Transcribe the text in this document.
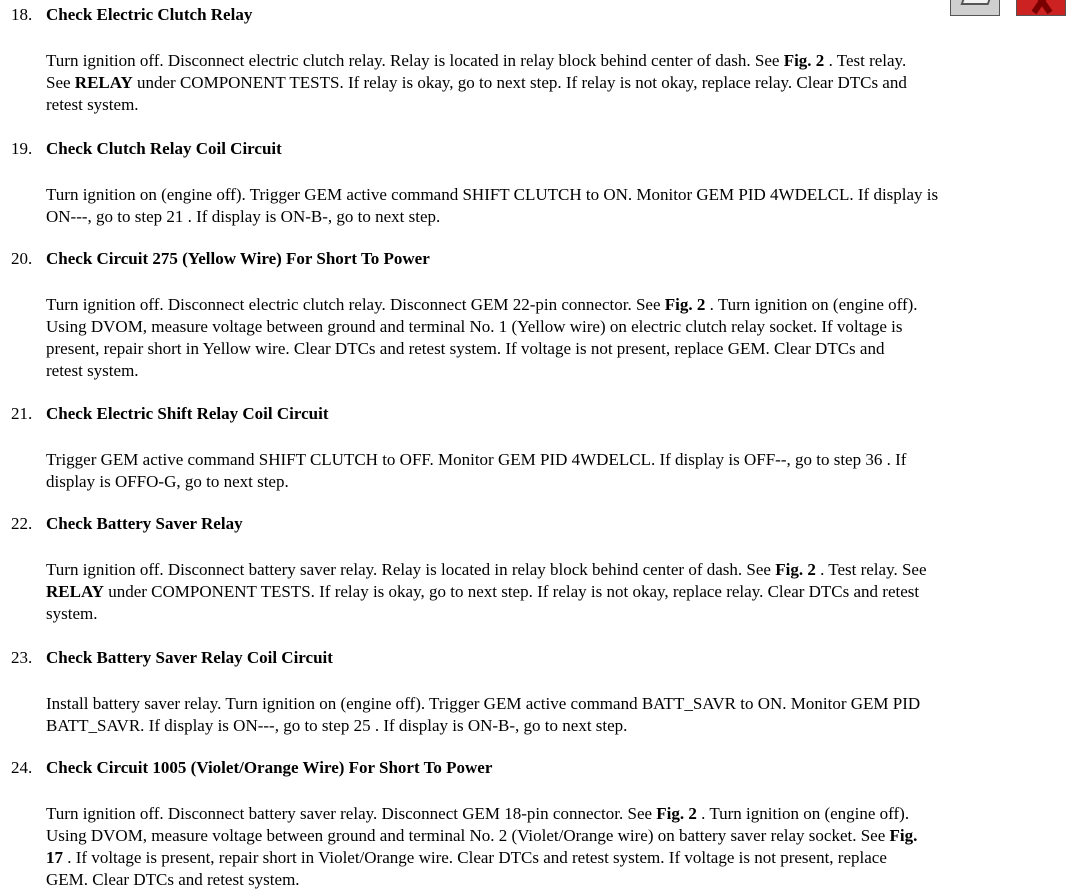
18. Check Electric Clutch Relay
Turn ignition off. Disconnect electric clutch relay. Relay is located in relay block behind center of dash. See Fig. 2 . Test relay.
See RELAY under COMPONENT TESTS. If relay is okay, go to next step. If relay is not okay, replace relay. Clear DTCs and
retest system.
19. Check Clutch Relay Coil Circuit
Turn ignition on (engine off). Trigger GEM active command SHIFT CLUTCH to ON. Monitor GEM PID 4WDELCL. If display is
ON---, go to step 21 . If display is ON-B-, go to next step.
20. Check Circuit 275 (Yellow Wire) For Short To Power
Turn ignition off. Disconnect electric clutch relay. Disconnect GEM 22-pin connector. See Fig. 2 . Turn ignition on (engine off).
Using DVOM, measure voltage between ground and terminal No. 1 (Yellow wire) on electric clutch relay socket. If voltage is
present, repair short in Yellow wire. Clear DTCs and retest system. If voltage is not present, replace GEM. Clear DTCs and
retest system.
21. Check Electric Shift Relay Coil Circuit
Trigger GEM active command SHIFT CLUTCH to OFF. Monitor GEM PID 4WDELCL. If display is OFF--, go to step 36 . If
display is OFFO-G, go to next step.
22. Check Battery Saver Relay
Turn ignition off. Disconnect battery saver relay. Relay is located in relay block behind center of dash. See Fig. 2 . Test relay. See
RELAY under COMPONENT TESTS. If relay is okay, go to next step. If relay is not okay, replace relay. Clear DTCs and retest
system.
23. Check Battery Saver Relay Coil Circuit
Install battery saver relay. Turn ignition on (engine off). Trigger GEM active command BATT_SAVR to ON. Monitor GEM PID
BATT_SAVR. If display is ON---, go to step 25 . If display is ON-B-, go to next step.
24. Check Circuit 1005 (Violet/Orange Wire) For Short To Power
Turn ignition off. Disconnect battery saver relay. Disconnect GEM 18-pin connector. See Fig. 2 . Turn ignition on (engine off).
Using DVOM, measure voltage between ground and terminal No. 2 (Violet/Orange wire) on battery saver relay socket. See Fig.
17 . If voltage is present, repair short in Violet/Orange wire. Clear DTCs and retest system. If voltage is not present, replace
GEM. Clear DTCs and retest system.
